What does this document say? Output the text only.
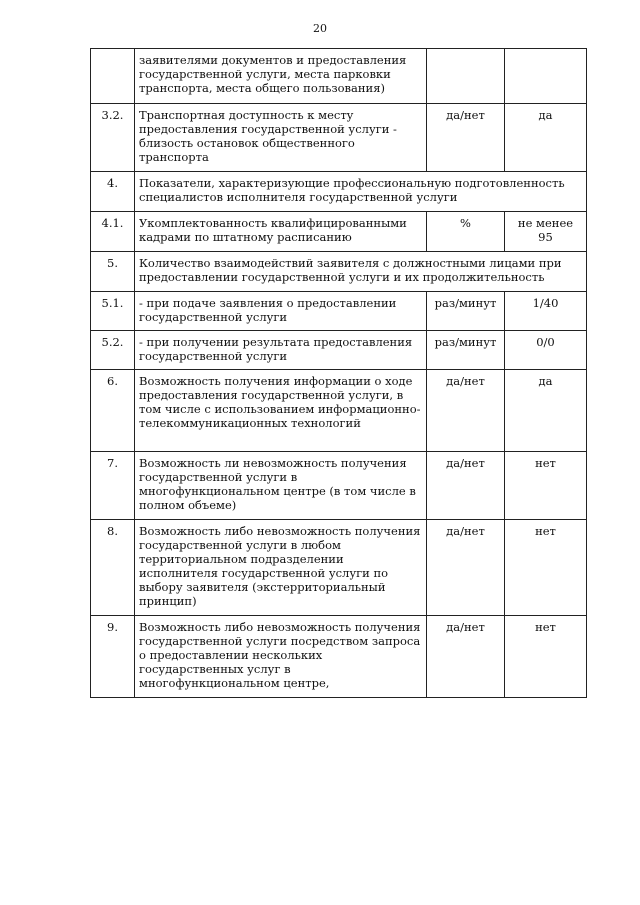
20
	заявителями документов и предоставления государственной услуги, места парковки транспорта, места общего пользования)		
3.2.	Транспортная доступность к месту предоставления государственной услуги - близость остановок общественного транспорта	да/нет	да
4.	Показатели, характеризующие профессиональную подготовленность специалистов исполнителя государственной услуги		
4.1.	Укомплектованность квалифицированными кадрами по штатному расписанию	%	не менее 95
5.	Количество взаимодействий заявителя с должностными лицами при предоставлении государственной услуги и их продолжительность		
5.1.	- при подаче заявления о предоставлении государственной услуги	раз/минут	1/40
5.2.	- при получении результата предоставления государственной услуги	раз/минут	0/0
6.	Возможность получения информации о ходе предоставления государственной услуги, в том числе с использованием информационно-телекоммуникационных технологий	да/нет	да
7.	Возможность ли невозможность получения государственной услуги в многофункциональном центре (в том числе в полном объеме)	да/нет	нет
8.	Возможность либо невозможность получения государственной услуги в любом территориальном подразделении исполнителя государственной услуги по выбору заявителя (экстерриториальный принцип)	да/нет	нет
9.	Возможность либо невозможность получения государственной услуги посредством запроса о предоставлении нескольких государственных услуг в многофункциональном центре,	да/нет	нет
